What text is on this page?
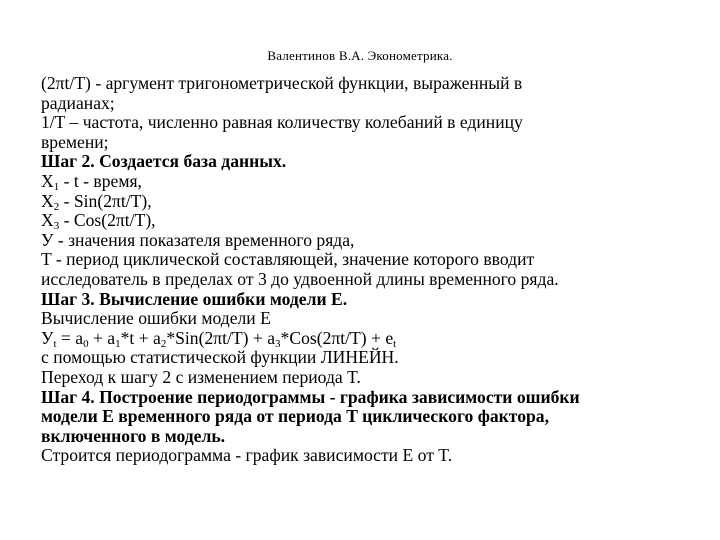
Валентинов В.А. Эконометрика.
(2πt/T) - аргумент тригонометрической функции, выраженный в
радианах;
1/T – частота, численно равная количеству колебаний в единицу
времени;
Шаг 2. Создается база данных.
$X_1$ - t - время,
$X_2 - Sin(2\pi t/T)$,
$X_3 - Cos(2\pi t/T)$,
У - значения показателя временного ряда,
T - период циклической составляющей, значение которого вводит
исследователь в пределах от 3 до удвоенной длины временного ряда.
Шаг 3. Вычисление ошибки модели E.
Вычисление ошибки модели E
$У_t = a_0 + a_1*t + a_2*Sin(2\pi t/T) + a_3*Cos(2\pi t/T) + e_t$
с помощью статистической функции ЛИНЕЙН.
Переход к шагу 2 с изменением периода T.
Шаг 4. Построение периодограммы - графика зависимости ошибки
модели E временного ряда от периода T циклического фактора,
включенного в модель.
Строится периодограмма - график зависимости E от T.
